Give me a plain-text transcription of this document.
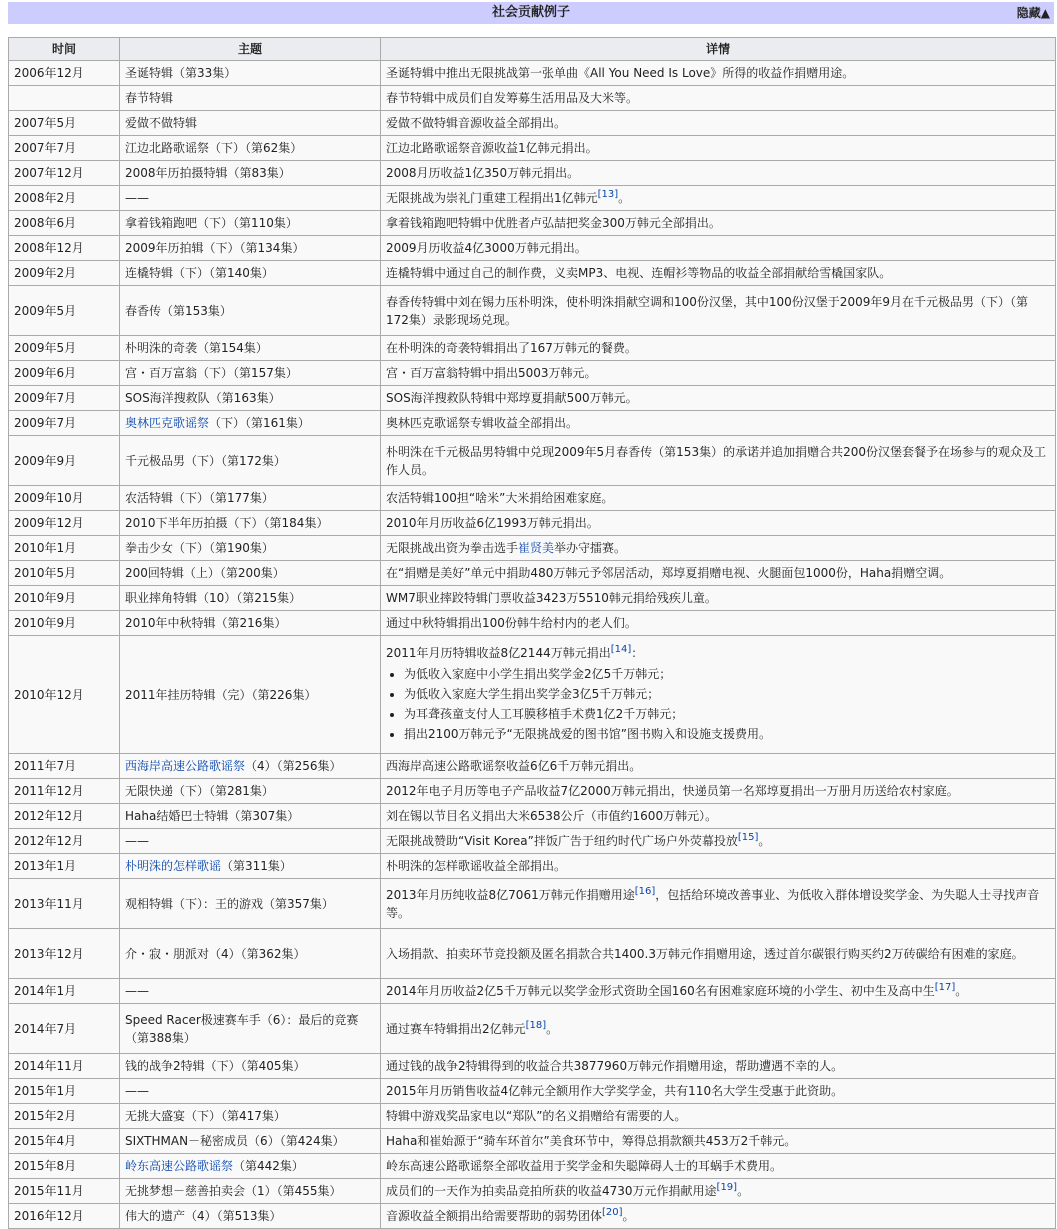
社会贡献例子	隐藏▲
时间	主题	详情
2006年12月	圣诞特辑（第33集）	圣诞特辑中推出无限挑战第一张单曲《All You Need Is Love》所得的收益作捐赠用途。
	春节特辑	春节特辑中成员们自发筹募生活用品及大米等。
2007年5月	爱做不做特辑	爱做不做特辑音源收益全部捐出。
2007年7月	江边北路歌谣祭（下）（第62集）	江边北路歌谣祭音源收益1亿韩元捐出。
2007年12月	2008年历拍摄特辑（第83集）	2008月历收益1亿350万韩元捐出。
2008年2月	——	无限挑战为崇礼门重建工程捐出1亿韩元[13]。
2008年6月	拿着钱箱跑吧（下）（第110集）	拿着钱箱跑吧特辑中优胜者卢弘喆把奖金300万韩元全部捐出。
2008年12月	2009年历拍辑（下）（第134集）	2009月历收益4亿3000万韩元捐出。
2009年2月	连橇特辑（下）（第140集）	连橇特辑中通过自己的制作费，义卖MP3、电视、连帽衫等物品的收益全部捐献给雪橇国家队。
2009年5月	春香传（第153集）	春香传特辑中刘在锡力压朴明洙，使朴明洙捐献空调和100份汉堡，其中100份汉堡于2009年9月在千元极品男（下）（第172集）录影现场兑现。
2009年5月	朴明洙的奇袭（第154集）	在朴明洙的奇袭特辑捐出了167万韩元的餐费。
2009年6月	宫・百万富翁（下）（第157集）	宫・百万富翁特辑中捐出5003万韩元。
2009年7月	SOS海洋搜救队（第163集）	SOS海洋搜救队特辑中郑埻夏捐献500万韩元。
2009年7月	奥林匹克歌谣祭（下）（第161集）	奥林匹克歌谣祭专辑收益全部捐出。
2009年9月	千元极品男（下）（第172集）	朴明洙在千元极品男特辑中兑现2009年5月春香传（第153集）的承诺并追加捐赠合共200份汉堡套餐予在场参与的观众及工作人员。
2009年10月	农活特辑（下）（第177集）	农活特辑100担“啥米”大米捐给困难家庭。
2009年12月	2010下半年历拍摄（下）（第184集）	2010年月历收益6亿1993万韩元捐出。
2010年1月	拳击少女（下）（第190集）	无限挑战出资为拳击选手崔贤美举办守擂赛。
2010年5月	200回特辑（上）（第200集）	在“捐赠是美好”单元中捐助480万韩元予邻居活动，郑埻夏捐赠电视、火腿面包1000份，Haha捐赠空调。
2010年9月	职业摔角特辑（10）（第215集）	WM7职业摔跤特辑门票收益3423万5510韩元捐给残疾儿童。
2010年9月	2010年中秋特辑（第216集）	通过中秋特辑捐出100份韩牛给村内的老人们。
2010年12月	2011年挂历特辑（完）（第226集）	2011年月历特辑收益8亿2144万韩元捐出[14]：
• 为低收入家庭中小学生捐出奖学金2亿5千万韩元；
• 为低收入家庭大学生捐出奖学金3亿5千万韩元；
• 为耳聋孩童支付人工耳膜移植手术费1亿2千万韩元；
• 捐出2100万韩元予“无限挑战爱的图书馆”图书购入和设施支援费用。

2011年7月	西海岸高速公路歌谣祭（4）（第256集）	西海岸高速公路歌谣祭收益6亿6千万韩元捐出。
2011年12月	无限快递（下）（第281集）	2012年电子月历等电子产品收益7亿2000万韩元捐出，快递员第一名郑埻夏捐出一万册月历送给农村家庭。
2012年12月	Haha结婚巴士特辑（第307集）	刘在锡以节目名义捐出大米6538公斤（市值约1600万韩元）。
2012年12月	——	无限挑战赞助“Visit Korea”拌饭广告于纽约时代广场户外荧幕投放[15]。
2013年1月	朴明洙的怎样歌谣（第311集）	朴明洙的怎样歌谣收益全部捐出。
2013年11月	观相特辑（下）：王的游戏（第357集）	2013年月历纯收益8亿7061万韩元作捐赠用途[16]，包括给环境改善事业、为低收入群体增设奖学金、为失聪人士寻找声音等。
2013年12月	介・寂・朋派对（4）（第362集）	入场捐款、拍卖环节竞投额及匿名捐款合共1400.3万韩元作捐赠用途，透过首尔碳银行购买约2万砖碳给有困难的家庭。
2014年1月	——	2014年月历收益2亿5千万韩元以奖学金形式资助全国160名有困难家庭环境的小学生、初中生及高中生[17]。
2014年7月	Speed Racer极速赛车手（6）：最后的竞赛（第388集）	通过赛车特辑捐出2亿韩元[18]。
2014年11月	钱的战争2特辑（下）（第405集）	通过钱的战争2特辑得到的收益合共3877960万韩元作捐赠用途，帮助遭遇不幸的人。
2015年1月	——	2015年月历销售收益4亿韩元全额用作大学奖学金，共有110名大学生受惠于此资助。
2015年2月	无挑大盛宴（下）（第417集）	特辑中游戏奖品家电以“郑队”的名义捐赠给有需要的人。
2015年4月	SIXTHMAN－秘密成员（6）（第424集）	Haha和崔始源于“骑车环首尔”美食环节中，筹得总捐款额共453万2千韩元。
2015年8月	岭东高速公路歌谣祭（第442集）	岭东高速公路歌谣祭全部收益用于奖学金和失聪障碍人士的耳蜗手术费用。
2015年11月	无挑梦想－慈善拍卖会（1）（第455集）	成员们的一天作为拍卖品竞拍所获的收益4730万元作捐献用途[19]。
2016年12月	伟大的遗产（4）（第513集）	音源收益全额捐出给需要帮助的弱势团体[20]。
